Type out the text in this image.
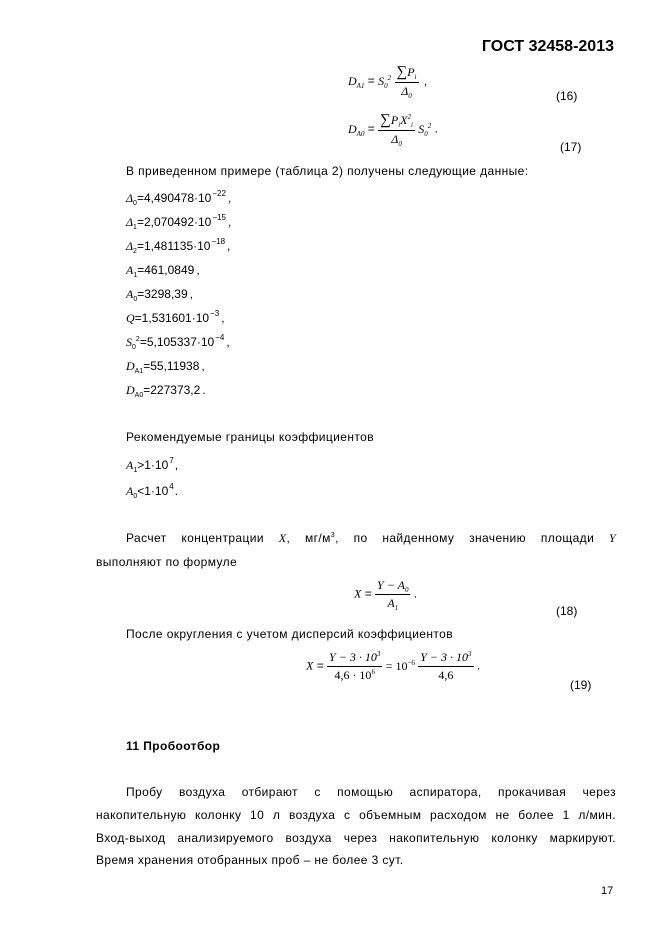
ГОСТ 32458-2013
$D_{A1} = S_0^2 \frac{\sum P_i}{\Delta_0}$ ,
(16)
$D_{A0} = \frac{\sum P_iX^2_i}{\Delta_0} S_0^2$ .
(17)
В приведенном примере (таблица 2) получены следующие данные:
$\Delta_0=4,490478\cdot 10^{-22}$ ,
$\Delta_1=2,070492\cdot 10^{-15}$ ,
$\Delta_2=1,481135\cdot 10^{-18}$ ,
$A_1=461,0849$ ,
$A_0=3298,39$ ,
$Q=1,531601\cdot 10^{-3}$ ,
$S_0^2=5,105337\cdot 10^{-4}$ ,
$D_{A1}=55,11938$ ,
$D_{A0}=227373,2$ .
Рекомендуемые границы коэффициентов
$A_1>1\cdot 10^7$,
$A_0<1\cdot 10^4$.
Расчет концентрации X, $мг/м^3$, по найденному значению площади Y
выполняют по формуле
$X = \frac{Y - A_0}{A_1}$ .
(18)
После округления с учетом дисперсий коэффициентов
$X = \frac{Y - 3 \cdot 10^3}{4,6 \cdot 10^6} = 10^{-6} \frac{Y - 3 \cdot 10^3}{4,6}$ .
(19)
11 Пробоотбор
Пробу воздуха отбирают с помощью аспиратора, прокачивая через
накопительную колонку 10 л воздуха с объемным расходом не более 1 л/мин.
Вход-выход анализируемого воздуха через накопительную колонку маркируют.
Время хранения отобранных проб – не более 3 сут.
17
